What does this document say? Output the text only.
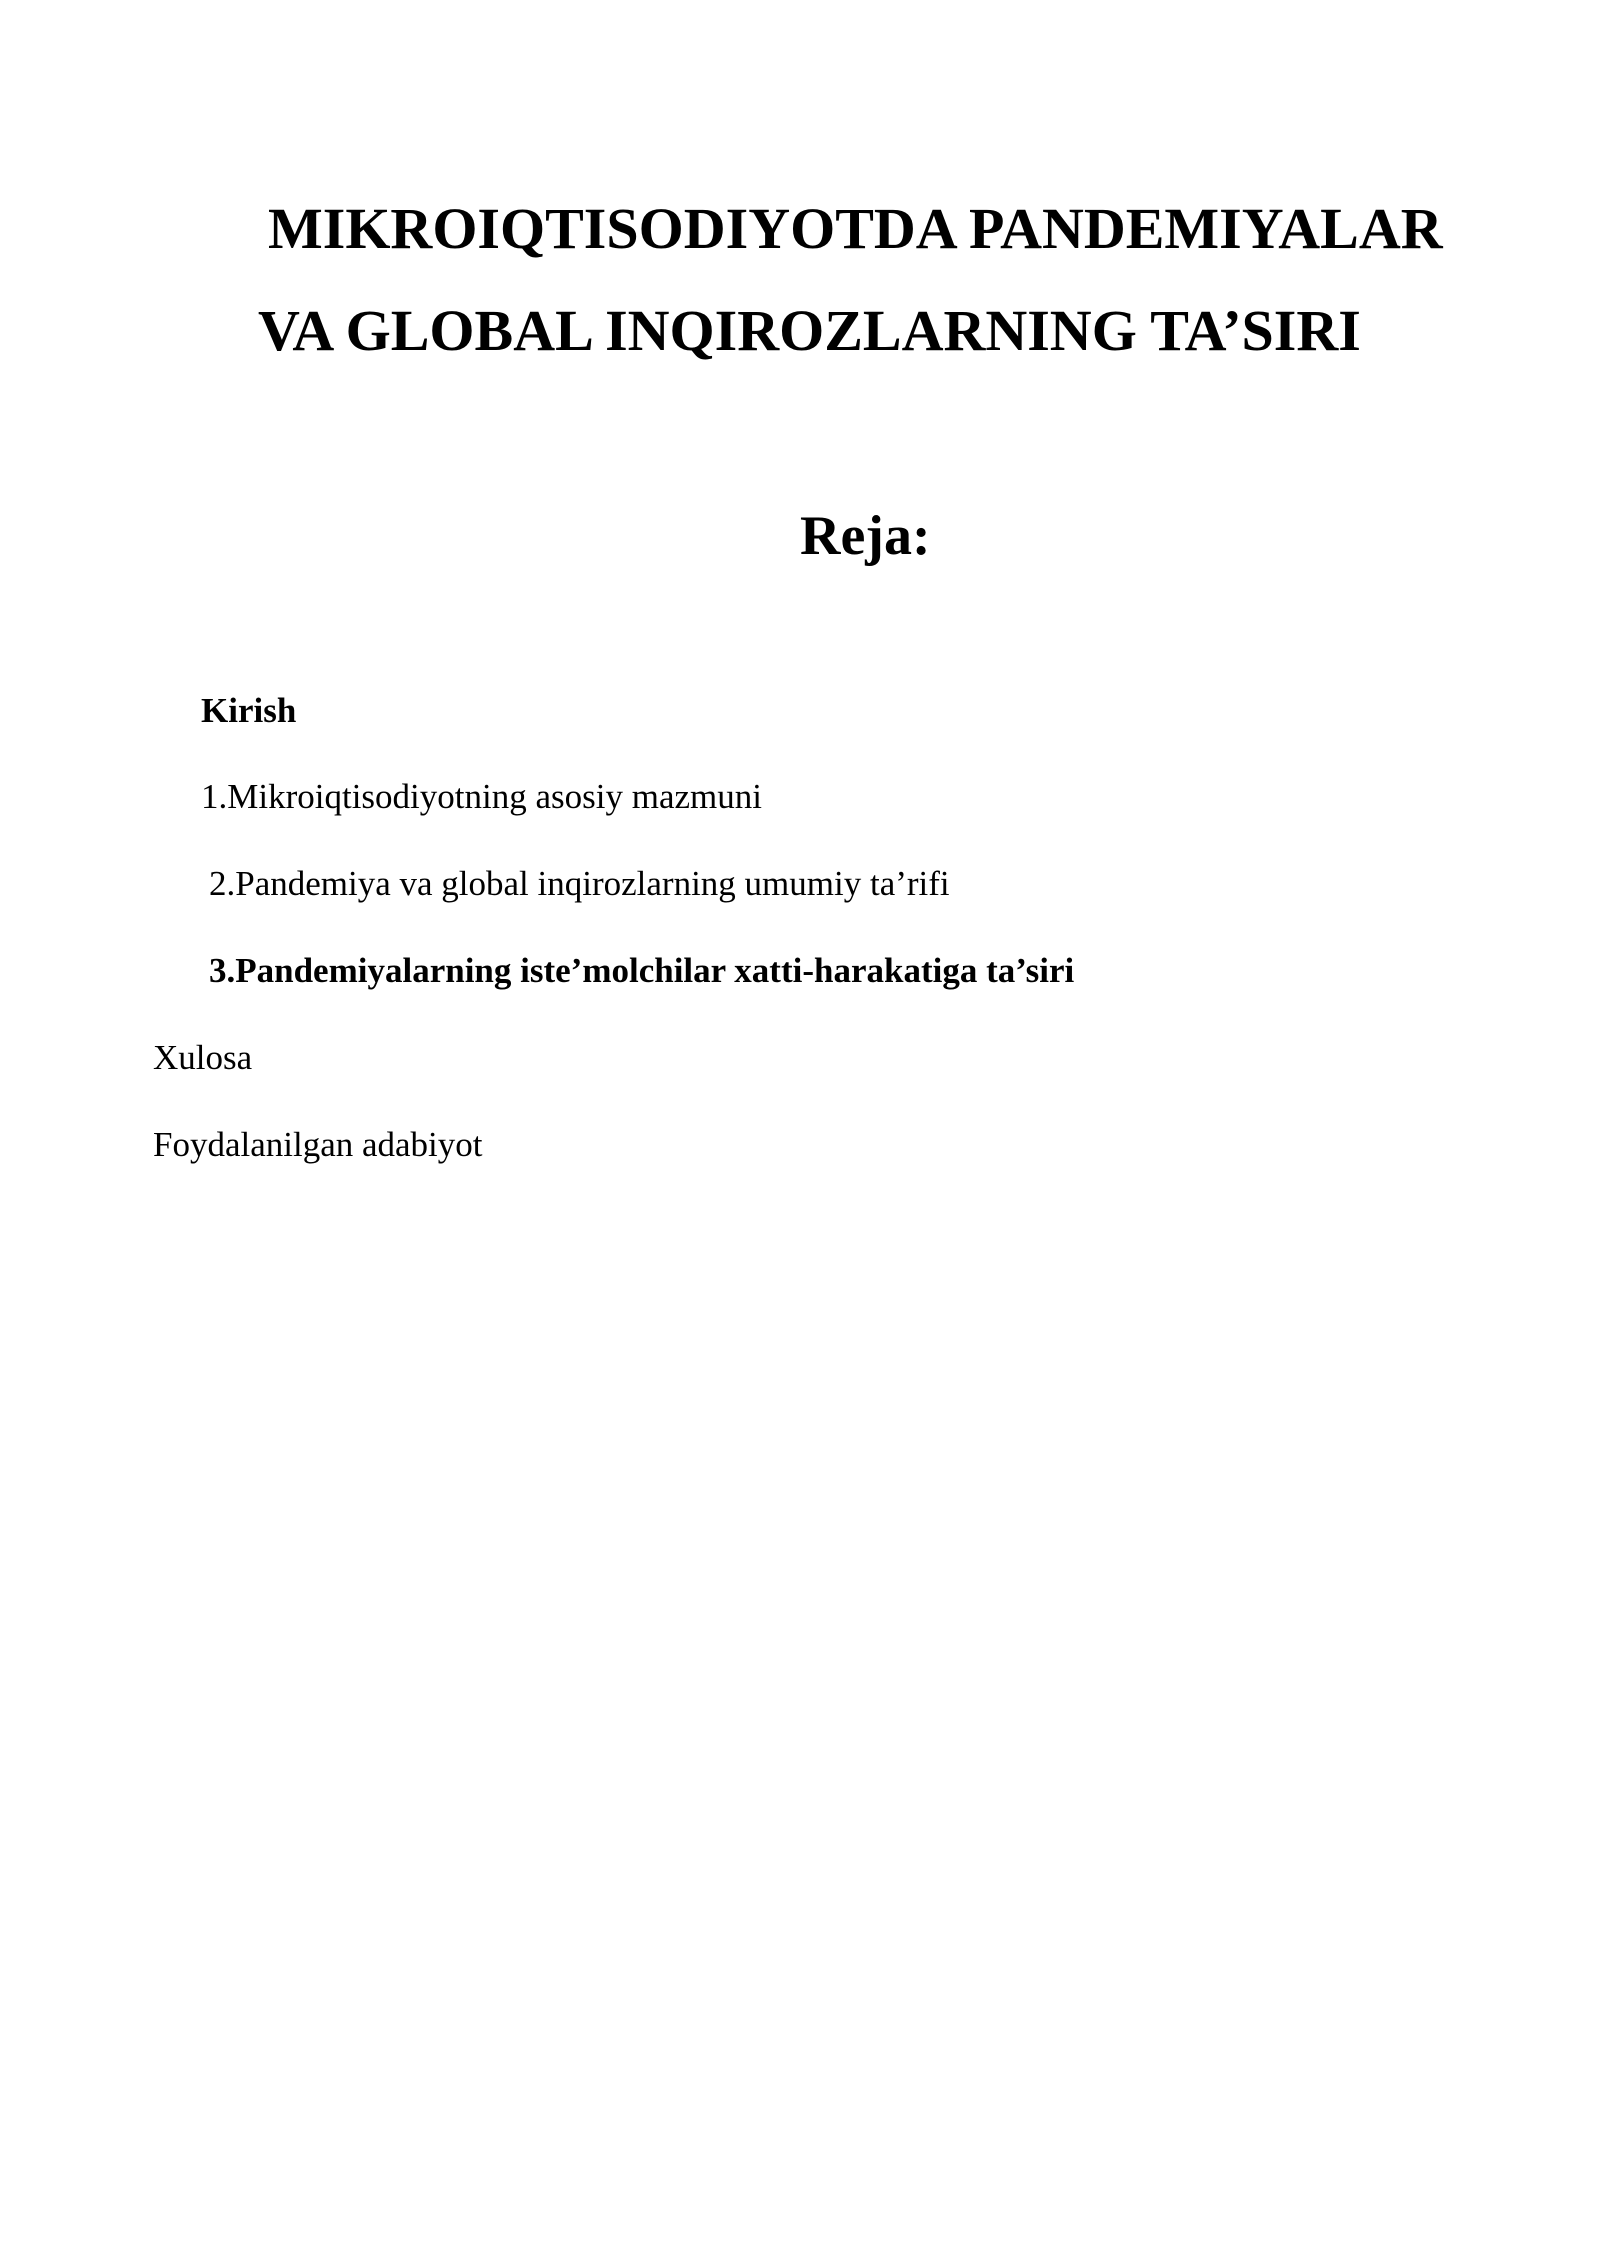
MIKROIQTISODIYOTDA PANDEMIYALAR
VA GLOBAL INQIROZLARNING TA’SIRI
Reja:

Kirish

1.Mikroiqtisodiyotning asosiy mazmuni

2.Pandemiya va global inqirozlarning umumiy ta’rifi

3.Pandemiyalarning iste’molchilar xatti-harakatiga ta’siri

Xulosa

Foydalanilgan adabiyot
